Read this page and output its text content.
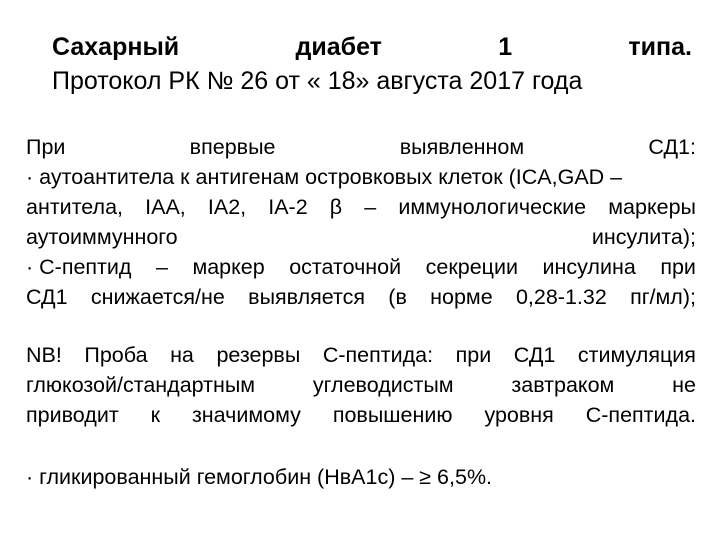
Сахарный	диабет	1	типа.
Протокол РК № 26 от « 18» августа 2017 года
При	впервые	выявленном	СД1:
· аутоантитела к антигенам островковых клеток (ICA,GAD –
антитела, IAA, IA2, IA-2 β – иммунологические маркеры
аутоиммунного	инсулита);
· С-пептид – маркер остаточной секреции инсулина при
СД1 снижается/не выявляется (в норме 0,28-1.32 пг/мл);
NB! Проба на резервы С-пептида: при СД1 стимуляция
глюкозой/стандартным	углеводистым	завтраком	не
приводит к значимому повышению уровня С-пептида.
· гликированный гемоглобин (НвА1с) – ≥ 6,5%.
